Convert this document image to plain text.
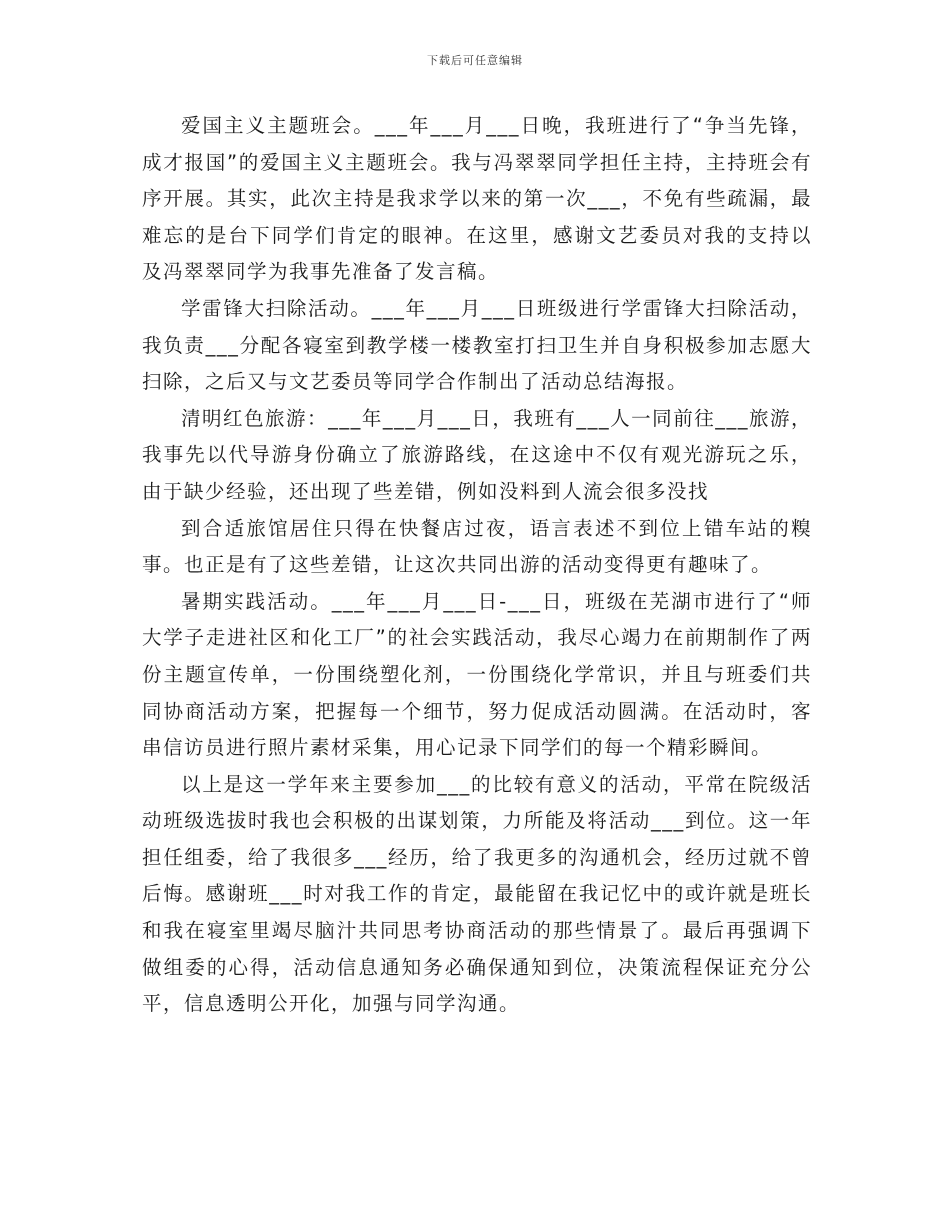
下载后可任意编辑

爱国主义主题班会。___年___月___日晚，我班进行了“争当先锋，成才报国”的爱国主义主题班会。我与冯翠翠同学担任主持，主持班会有序开展。其实，此次主持是我求学以来的第一次___，不免有些疏漏，最难忘的是台下同学们肯定的眼神。在这里，感谢文艺委员对我的支持以及冯翠翠同学为我事先准备了发言稿。

学雷锋大扫除活动。___年___月___日班级进行学雷锋大扫除活动，我负责___分配各寝室到教学楼一楼教室打扫卫生并自身积极参加志愿大扫除，之后又与文艺委员等同学合作制出了活动总结海报。

清明红色旅游：___年___月___日，我班有___人一同前往___旅游，我事先以代导游身份确立了旅游路线，在这途中不仅有观光游玩之乐，由于缺少经验，还出现了些差错，例如没料到人流会很多没找

到合适旅馆居住只得在快餐店过夜，语言表述不到位上错车站的糗事。也正是有了这些差错，让这次共同出游的活动变得更有趣味了。

暑期实践活动。___年___月___日-___日，班级在芜湖市进行了“师大学子走进社区和化工厂”的社会实践活动，我尽心竭力在前期制作了两份主题宣传单，一份围绕塑化剂，一份围绕化学常识，并且与班委们共同协商活动方案，把握每一个细节，努力促成活动圆满。在活动时，客串信访员进行照片素材采集，用心记录下同学们的每一个精彩瞬间。

以上是这一学年来主要参加___的比较有意义的活动，平常在院级活动班级选拔时我也会积极的出谋划策，力所能及将活动___到位。这一年担任组委，给了我很多___经历，给了我更多的沟通机会，经历过就不曾后悔。感谢班___时对我工作的肯定，最能留在我记忆中的或许就是班长和我在寝室里竭尽脑汁共同思考协商活动的那些情景了。最后再强调下做组委的心得，活动信息通知务必确保通知到位，决策流程保证充分公平，信息透明公开化，加强与同学沟通。
